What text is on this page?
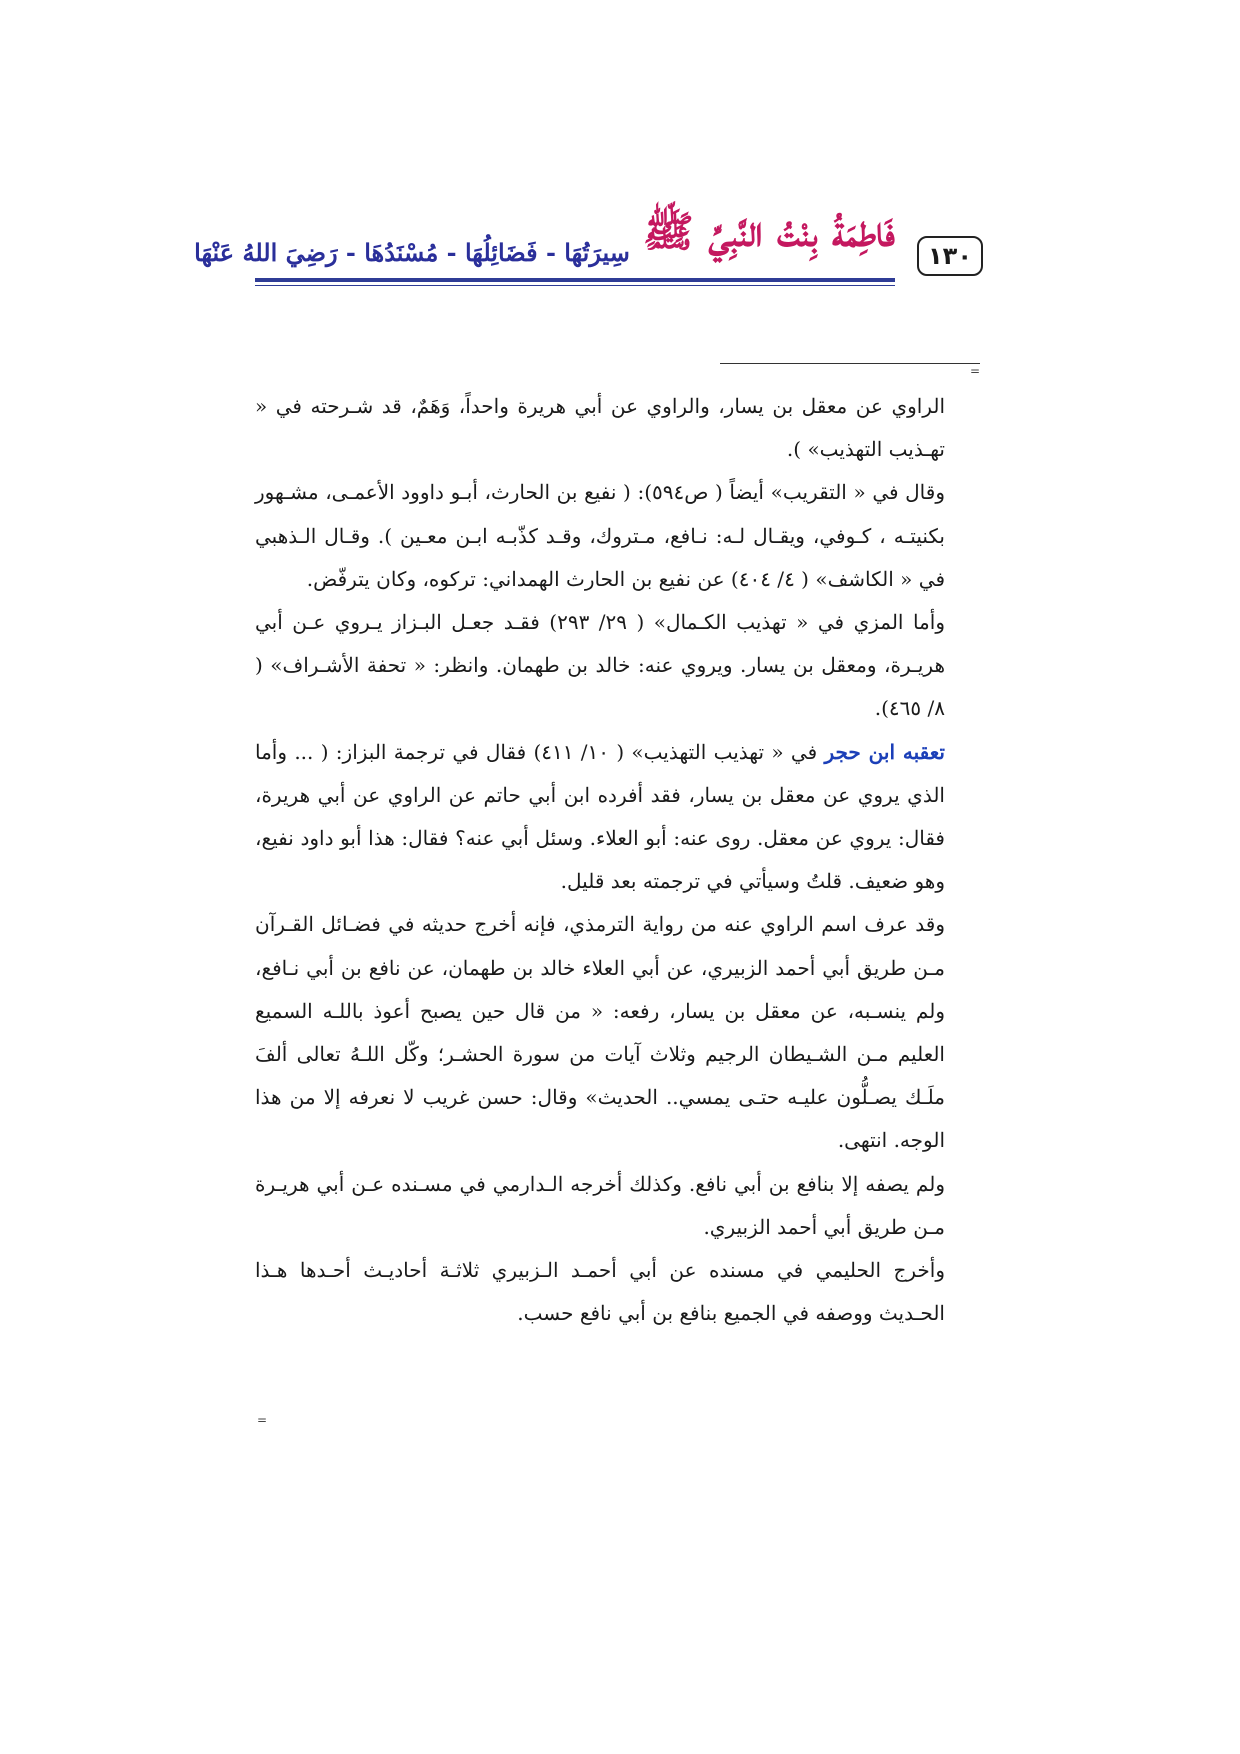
١٣٠
فَاطِمَةُ بِنْتُ النَّبِيِّ ﷺ سِيرَتُهَا - فَضَائِلُهَا - مُسْنَدُهَا - رَضِيَ اللهُ عَنْهَا
=

الراوي عن معقل بن يسار، والراوي عن أبي هريرة واحداً، وَهَمٌ، قد شـرحته في « تهـذيب التهذيب» ).

وقال في « التقريب» أيضاً ( ص٥٩٤): ( نفيع بن الحارث، أبـو داوود الأعمـى، مشـهور بكنيتـه ، كـوفي، ويقـال لـه: نـافع، مـتروك، وقـد كذّبـه ابـن معـين ). وقـال الـذهبي في « الكاشف» ( ٤/ ٤٠٤) عن نفيع بن الحارث الهمداني: تركوه، وكان يترفّض.

وأما المزي في « تهذيب الكـمال» ( ٢٩/ ٢٩٣) فقـد جعـل البـزاز يـروي عـن أبي هريـرة، ومعقل بن يسار. ويروي عنه: خالد بن طهمان. وانظر: « تحفة الأشـراف» ( ٨/ ٤٦٥).

تعقبه ابن حجر في « تهذيب التهذيب» ( ١٠/ ٤١١) فقال في ترجمة البزاز: ( ... وأما الذي يروي عن معقل بن يسار، فقد أفرده ابن أبي حاتم عن الراوي عن أبي هريرة، فقال: يروي عن معقل. روى عنه: أبو العلاء. وسئل أبي عنه؟ فقال: هذا أبو داود نفيع، وهو ضعيف. قلتُ وسيأتي في ترجمته بعد قليل.

وقد عرف اسم الراوي عنه من رواية الترمذي، فإنه أخرج حديثه في فضـائل القـرآن مـن طريق أبي أحمد الزبيري، عن أبي العلاء خالد بن طهمان، عن نافع بن أبي نـافع، ولم ينسـبه، عن معقل بن يسار، رفعه: « من قال حين يصبح أعوذ باللـه السميع العليم مـن الشـيطان الرجيم وثلاث آيات من سورة الحشـر؛ وكّل اللـهُ تعالى ألفَ ملَـك يصـلُّون عليـه حتـى يمسي.. الحديث» وقال: حسن غريب لا نعرفه إلا من هذا الوجه. انتهى.

ولم يصفه إلا بنافع بن أبي نافع. وكذلك أخرجه الـدارمي في مسـنده عـن أبي هريـرة مـن طريق أبي أحمد الزبيري.

وأخرج الحليمي في مسنده عن أبي أحمـد الـزبيري ثلاثـة أحاديـث أحـدها هـذا الحـديث ووصفه في الجميع بنافع بن أبي نافع حسب.

=
